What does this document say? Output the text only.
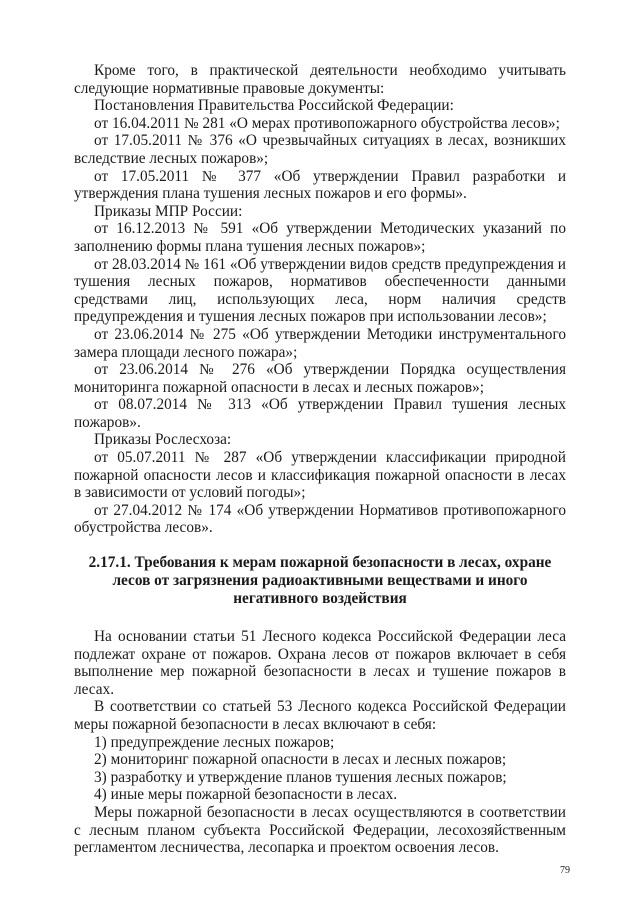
Кроме того, в практической деятельности необходимо учитывать следующие нормативные правовые документы:

Постановления Правительства Российской Федерации:

от 16.04.2011 № 281 «О мерах противопожарного обустройства лесов»;

от 17.05.2011 № 376 «О чрезвычайных ситуациях в лесах, возникших вследствие лесных пожаров»;

от 17.05.2011 № 377 «Об утверждении Правил разработки и утверждения плана тушения лесных пожаров и его формы».

Приказы МПР России:

от 16.12.2013 № 591 «Об утверждении Методических указаний по заполнению формы плана тушения лесных пожаров»;

от 28.03.2014 № 161 «Об утверждении видов средств предупреждения и тушения лесных пожаров, нормативов обеспеченности данными средствами лиц, использующих леса, норм наличия средств предупреждения и тушения лесных пожаров при использовании лесов»;

от 23.06.2014 № 275 «Об утверждении Методики инструментального замера площади лесного пожара»;

от 23.06.2014 № 276 «Об утверждении Порядка осуществления мониторинга пожарной опасности в лесах и лесных пожаров»;

от 08.07.2014 № 313 «Об утверждении Правил тушения лесных пожаров».

Приказы Рослесхоза:

от 05.07.2011 № 287 «Об утверждении классификации природной пожарной опасности лесов и классификация пожарной опасности в лесах в зависимости от условий погоды»;

от 27.04.2012 № 174 «Об утверждении Нормативов противопожарного обустройства лесов».

2.17.1. Требования к мерам пожарной безопасности в лесах, охране лесов от загрязнения радиоактивными веществами и иного негативного воздействия

На основании статьи 51 Лесного кодекса Российской Федерации леса подлежат охране от пожаров. Охрана лесов от пожаров включает в себя выполнение мер пожарной безопасности в лесах и тушение пожаров в лесах.

В соответствии со статьей 53 Лесного кодекса Российской Федерации меры пожарной безопасности в лесах включают в себя:

1) предупреждение лесных пожаров;

2) мониторинг пожарной опасности в лесах и лесных пожаров;

3) разработку и утверждение планов тушения лесных пожаров;

4) иные меры пожарной безопасности в лесах.

Меры пожарной безопасности в лесах осуществляются в соответствии с лесным планом субъекта Российской Федерации, лесохозяйственным регламентом лесничества, лесопарка и проектом освоения лесов.

79
